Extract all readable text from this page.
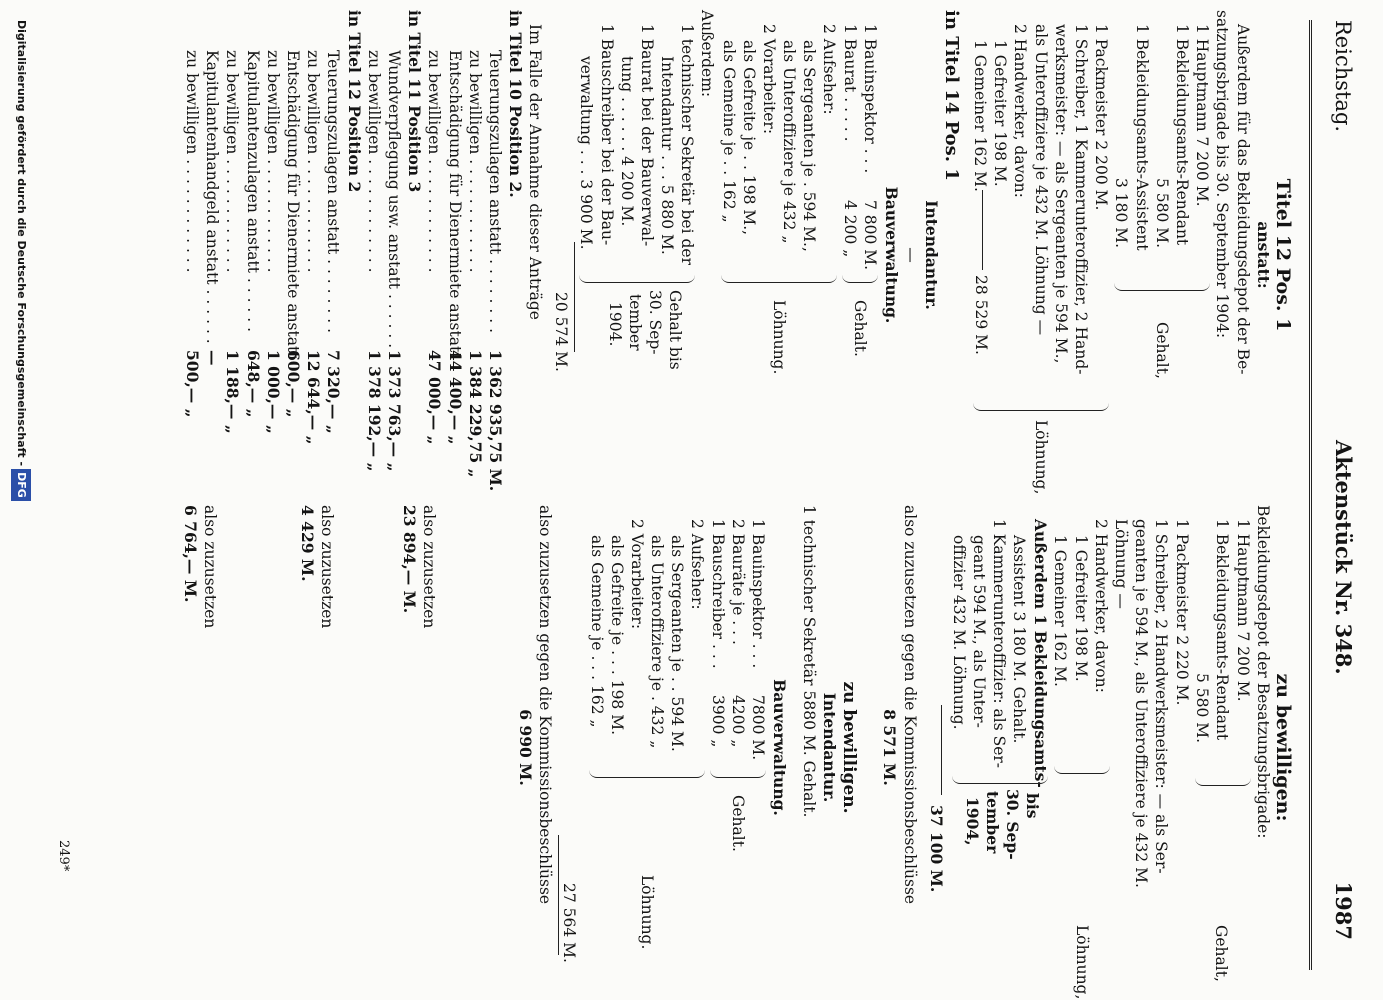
Reichstag.
Aktenstück Nr. 348.
1987
Titel 12 Pos. 1
anstatt:
Außerdem für das Bekleidungsdepot der Be-
satzungsbrigade bis 30. September 1904:
1 Hauptmann 7 200 M.
1 Bekleidungsamts-Rendant
5 580 M.
1 Bekleidungsamts-Assistent
3 180 M.
Gehalt,
1 Packmeister 2 200 M.
1 Schreiber, 1 Kammerunteroffizier, 2 Hand-
werksmeister: — als Sergeanten je 594 M.,
als Unteroffiziere je 432 M. Löhnung —
2 Handwerker, davon:
1 Gefreiter 198 M.
1 Gemeiner 162 M.
Löhnung,
28 529 M.
in Titel 14 Pos. 1
Intendantur.
—
Bauverwaltung.
1 Bauinspektor . . .
7 800 M.
1 Baurat . . . . .
4 200 „
Gehalt.
2 Aufseher:
als Sergeanten je . 594 M.,
als Unteroffiziere je 432 „
2 Vorarbeiter:
als Gefreite je . . 198 M.,
als Gemeine je . . 162 „
Löhnung.
Außerdem:
1 technischer Sekretär bei der
Intendantur . . . 5 880 M.
1 Baurat bei der Bauverwal-
tung . . . . . . 4 200 M.
1 Bauschreiber bei der Bau-
verwaltung . . . 3 900 M.
Gehalt bis
30. Sep-
tember
1904.
20 574 M.
Im Falle der Annahme dieser Anträge
in Titel 10 Position 2.
Teuerungszulagen anstatt . . . . . . . .
1 362 935,75 M.
zu bewilligen . . . . . . . . . . . .
1 384 229,75 „
Entschädigung für Dienermiete anstatt
44 400,— „
zu bewilligen . . . . . . . . . . . .
47 000,— „
in Titel 11 Position 3
Wundverpflegung usw. anstatt . . . . . .
1 373 763,— „
zu bewilligen . . . . . . . . . . . .
1 378 192,— „
in Titel 12 Position 2
Teuerungszulagen anstatt . . . . . . . .
7 320,— „
zu bewilligen . . . . . . . . . . . .
12 644,— „
Entschädigung für Dienermiete anstatt
600,— „
zu bewilligen . . . . . . . . . . . .
1 000,— „
Kapitulantenzulagen anstatt . . . . . .
648,— „
zu bewilligen . . . . . . . . . . . .
1 188,— „
Kapitulantenhandgeld anstatt . . . . . .
—
zu bewilligen . . . . . . . . . . . .
500,— „
zu bewilligen:
Bekleidungsdepot der Besatzungsbrigade:
1 Hauptmann 7 200 M.
1 Bekleidungsamts-Rendant
5 580 M.
Gehalt,
1 Packmeister 2 220 M.
1 Schreiber, 2 Handwerksmeister: — als Ser-
geanten je 594 M., als Unteroffiziere je 432 M.
Löhnung —
2 Handwerker, davon:
1 Gefreiter 198 M.
1 Gemeiner 162 M.
Löhnung,
Außerdem 1 Bekleidungsamts-
Assistent 3 180 M. Gehalt.
1 Kammerunteroffizier: als Ser-
geant 594 M., als Unter-
offizier 432 M. Löhnung.
bis
30. Sep-
tember
1904,
37 100 M.
also zuzusetzen gegen die Kommissionsbeschlüsse
8 571 M.
zu bewilligen.
Intendantur.
1 technischer Sekretär 5880 M. Gehalt.
Bauverwaltung.
1 Bauinspektor . . .
7800 M.
2 Bauräte je . . .
4200 „
1 Bauschreiber . . .
3900 „
Gehalt.
2 Aufseher:
als Sergeanten je . . 594 M.
als Unteroffiziere je . 432 „
2 Vorarbeiter:
als Gefreite je . . . 198 M.
als Gemeine je . . . 162 „
Löhnung.
27 564 M.
also zuzusetzen gegen die Kommissionsbeschlüsse
6 990 M.
also zuzusetzen
23 894,— M.
also zuzusetzen
4 429 M.
also zuzusetzen
6 764,— M.
249*
Digitalisierung gefördert durch die Deutsche Forschungsgemeinschaft -DFG
